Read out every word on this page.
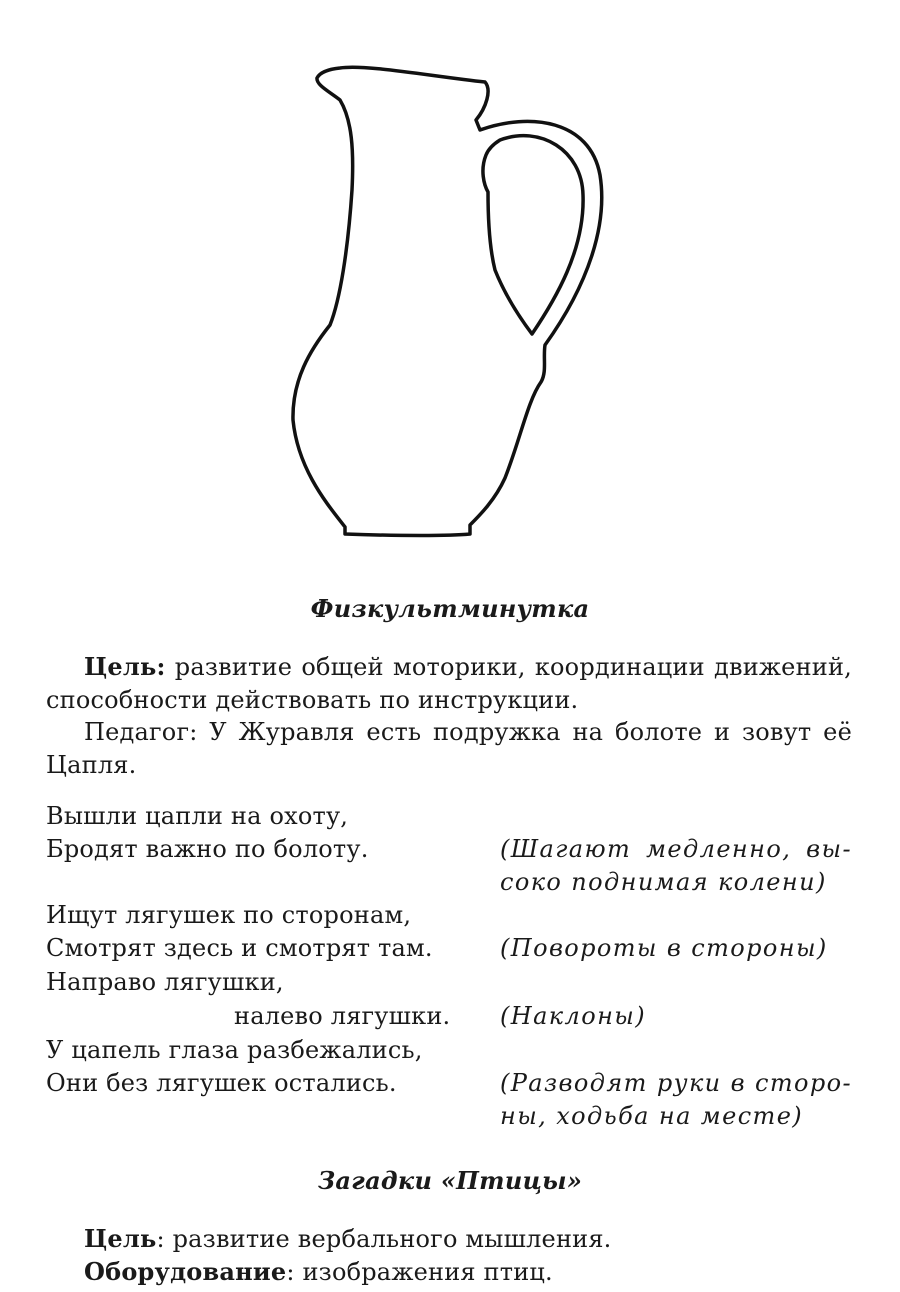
Физкультминутка

Цель: развитие общей моторики, координации движений, способности действовать по инструкции.

Педагог: У Журавля есть подружка на болоте и зовут её Цапля.

Вышли цапли на охоту,
Бродят важно по болоту.
Ищут лягушек по сторонам,
Смотрят здесь и смотрят там.
Направо лягушки,
налево лягушки.
У цапель глаза разбежались,
Они без лягушек остались.
(Шагают медленно, вы-
соко поднимая колени)
(Повороты в стороны)
(Наклоны)
(Разводят руки в сторо-
ны, ходьба на месте)
Загадки «Птицы»

Цель: развитие вербального мышления.

Оборудование: изображения птиц.
